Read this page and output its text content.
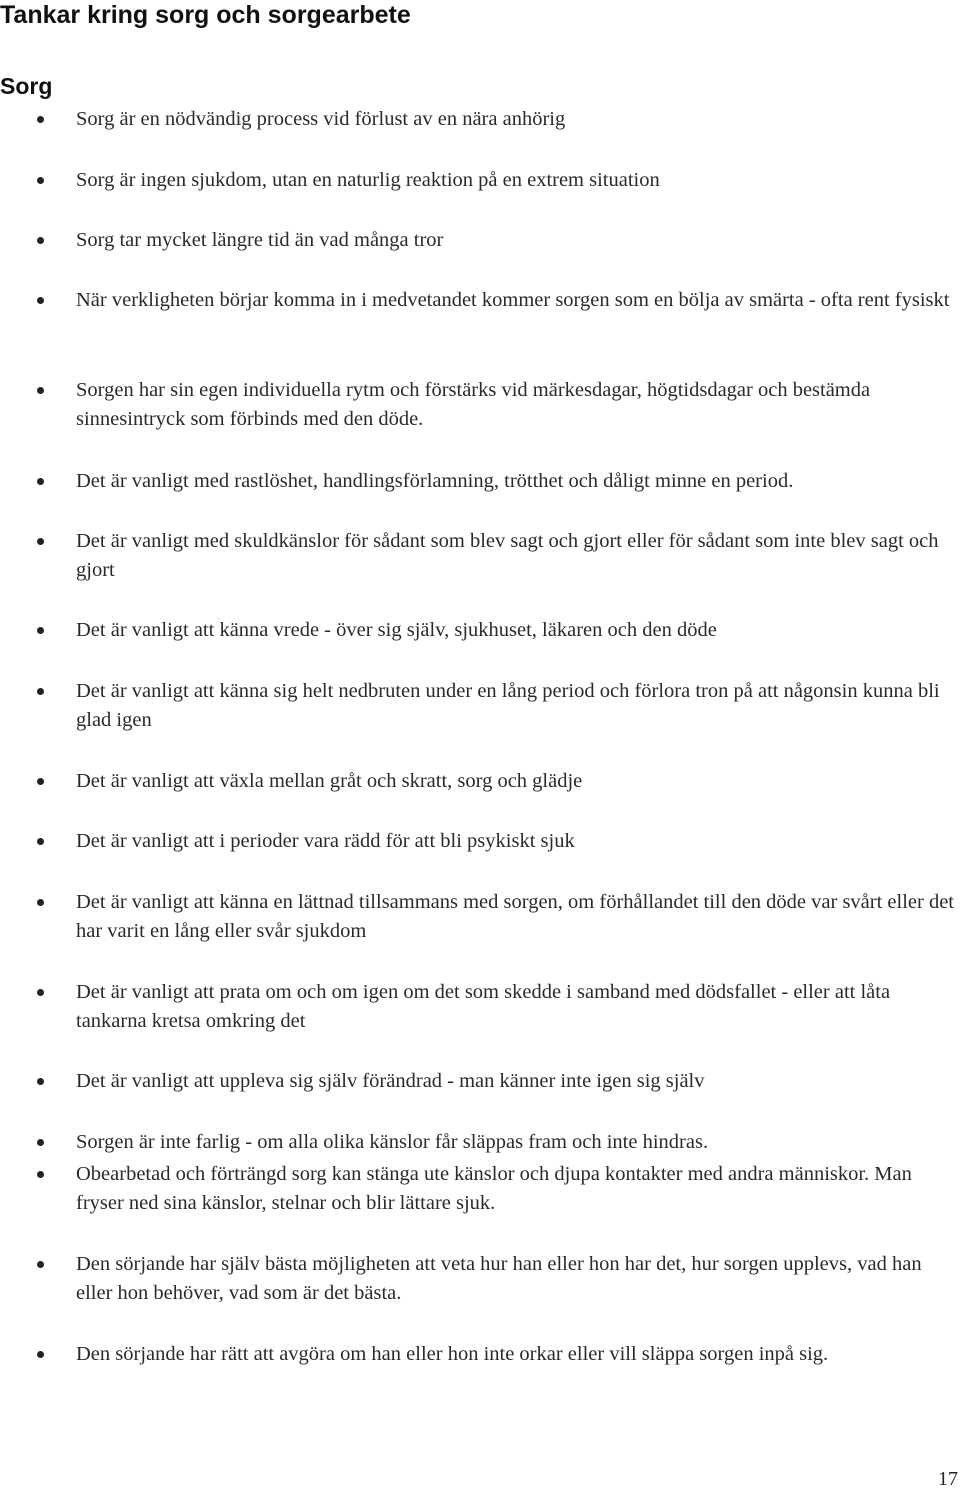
Tankar kring sorg och sorgearbete
Sorg
Sorg är en nödvändig process vid förlust av en nära anhörig
Sorg är ingen sjukdom, utan en naturlig reaktion på en extrem situation
Sorg tar mycket längre tid än vad många tror
När verkligheten börjar komma in i medvetandet kommer sorgen som en bölja av smärta - ofta rent fysiskt
Sorgen har sin egen individuella rytm och förstärks vid märkesdagar, högtidsdagar och bestämda sinnesintryck som förbinds med den döde.
Det är vanligt med rastlöshet, handlingsförlamning, trötthet och dåligt minne en period.
Det är vanligt med skuldkänslor för sådant som blev sagt och gjort eller för sådant som inte blev sagt och gjort
Det är vanligt att känna vrede - över sig själv, sjukhuset, läkaren och den döde
Det är vanligt att känna sig helt nedbruten under en lång period och förlora tron på att någonsin kunna bli glad igen
Det är vanligt att växla mellan gråt och skratt, sorg och glädje
Det är vanligt att i perioder vara rädd för att bli psykiskt sjuk
Det är vanligt att känna en lättnad tillsammans med sorgen, om förhållandet till den döde var svårt eller det har varit en lång eller svår sjukdom
Det är vanligt att prata om och om igen om det som skedde i samband med dödsfallet - eller att låta tankarna kretsa omkring det
Det är vanligt att uppleva sig själv förändrad - man känner inte igen sig själv
Sorgen är inte farlig - om alla olika känslor får släppas fram och inte hindras.
Obearbetad och förträngd sorg kan stänga ute känslor och djupa kontakter med andra människor. Man fryser ned sina känslor, stelnar och blir lättare sjuk.
Den sörjande har själv bästa möjligheten att veta hur han eller hon har det, hur sorgen upplevs, vad han eller hon behöver, vad som är det bästa.
Den sörjande har rätt att avgöra om han eller hon inte orkar eller vill släppa sorgen inpå sig.
17
